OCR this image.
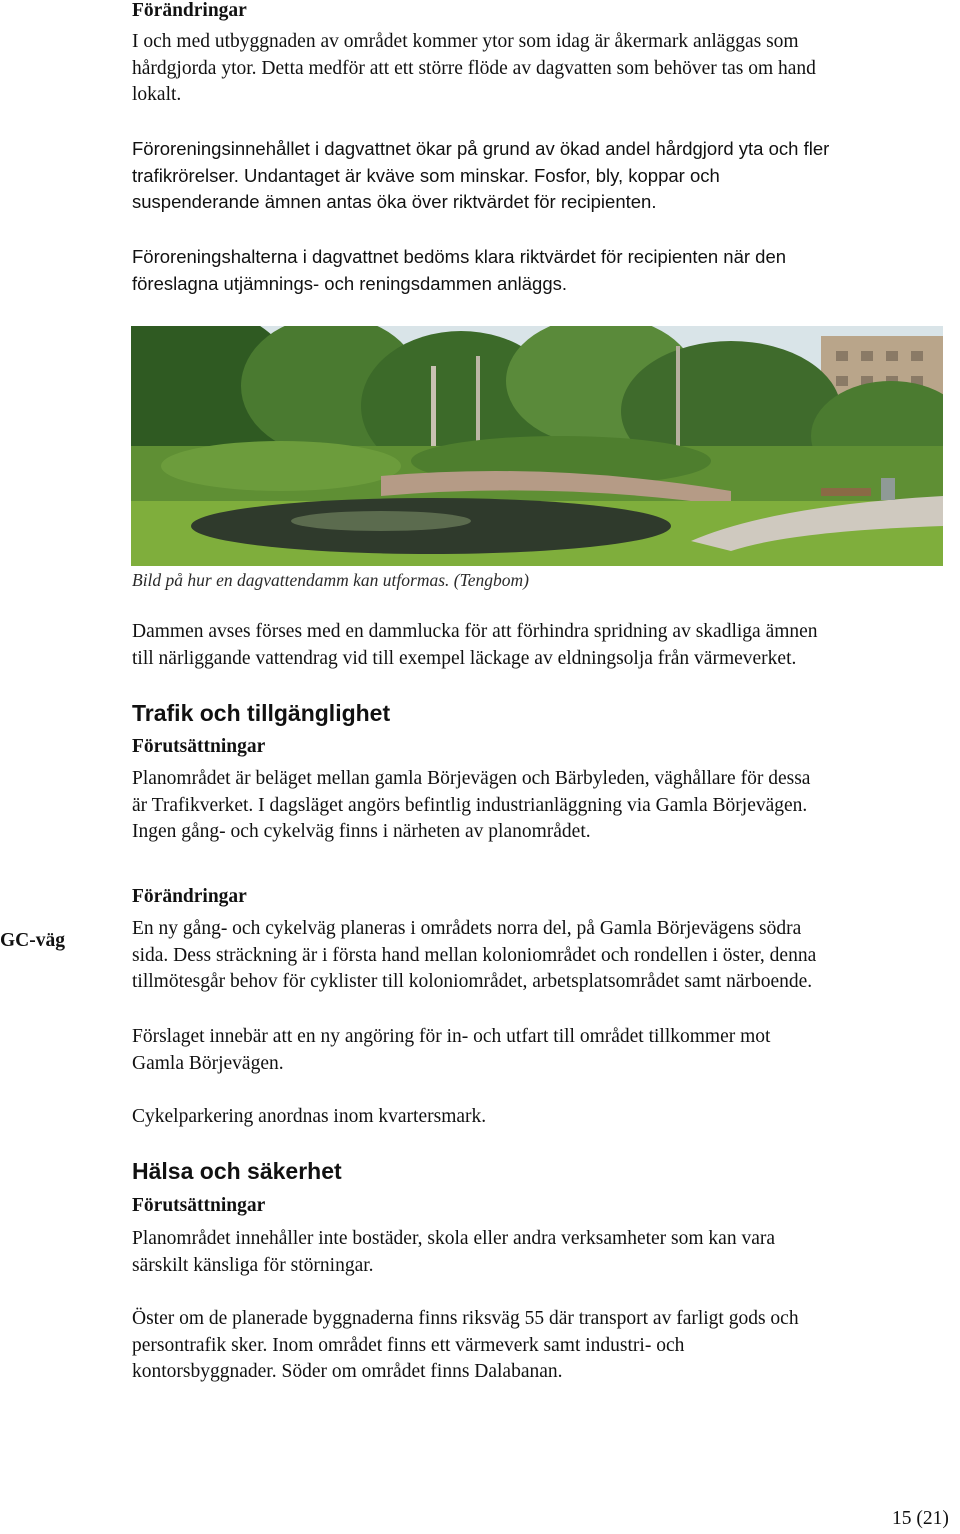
Förändringar
I och med utbyggnaden av området kommer ytor som idag är åkermark anläggas som
hårdgjorda ytor. Detta medför att ett större flöde av dagvatten som behöver tas om hand
lokalt.
Föroreningsinnehållet i dagvattnet ökar på grund av ökad andel hårdgjord yta och fler
trafikrörelser. Undantaget är kväve som minskar. Fosfor, bly, koppar och
suspenderande ämnen antas öka över riktvärdet för recipienten.
Föroreningshalterna i dagvattnet bedöms klara riktvärdet för recipienten när den
föreslagna utjämnings- och reningsdammen anläggs.
Bild på hur en dagvattendamm kan utformas. (Tengbom)
Dammen avses förses med en dammlucka för att förhindra spridning av skadliga ämnen
till närliggande vattendrag vid till exempel läckage av eldningsolja från värmeverket.
Trafik och tillgänglighet
Förutsättningar
Planområdet är beläget mellan gamla Börjevägen och Bärbyleden, väghållare för dessa
är Trafikverket. I dagsläget angörs befintlig industrianläggning via Gamla Börjevägen.
Ingen gång- och cykelväg finns i närheten av planområdet.
Förändringar
GC-väg
En ny gång- och cykelväg planeras i områdets norra del, på Gamla Börjevägens södra
sida. Dess sträckning är i första hand mellan koloniområdet och rondellen i öster, denna
tillmötesgår behov för cyklister till koloniområdet, arbetsplatsområdet samt närboende.
Förslaget innebär att en ny angöring för in- och utfart till området tillkommer mot
Gamla Börjevägen.
Cykelparkering anordnas inom kvartersmark.
Hälsa och säkerhet
Förutsättningar
Planområdet innehåller inte bostäder, skola eller andra verksamheter som kan vara
särskilt känsliga för störningar.
Öster om de planerade byggnaderna finns riksväg 55 där transport av farligt gods och
persontrafik sker. Inom området finns ett värmeverk samt industri- och
kontorsbyggnader. Söder om området finns Dalabanan.
15 (21)
